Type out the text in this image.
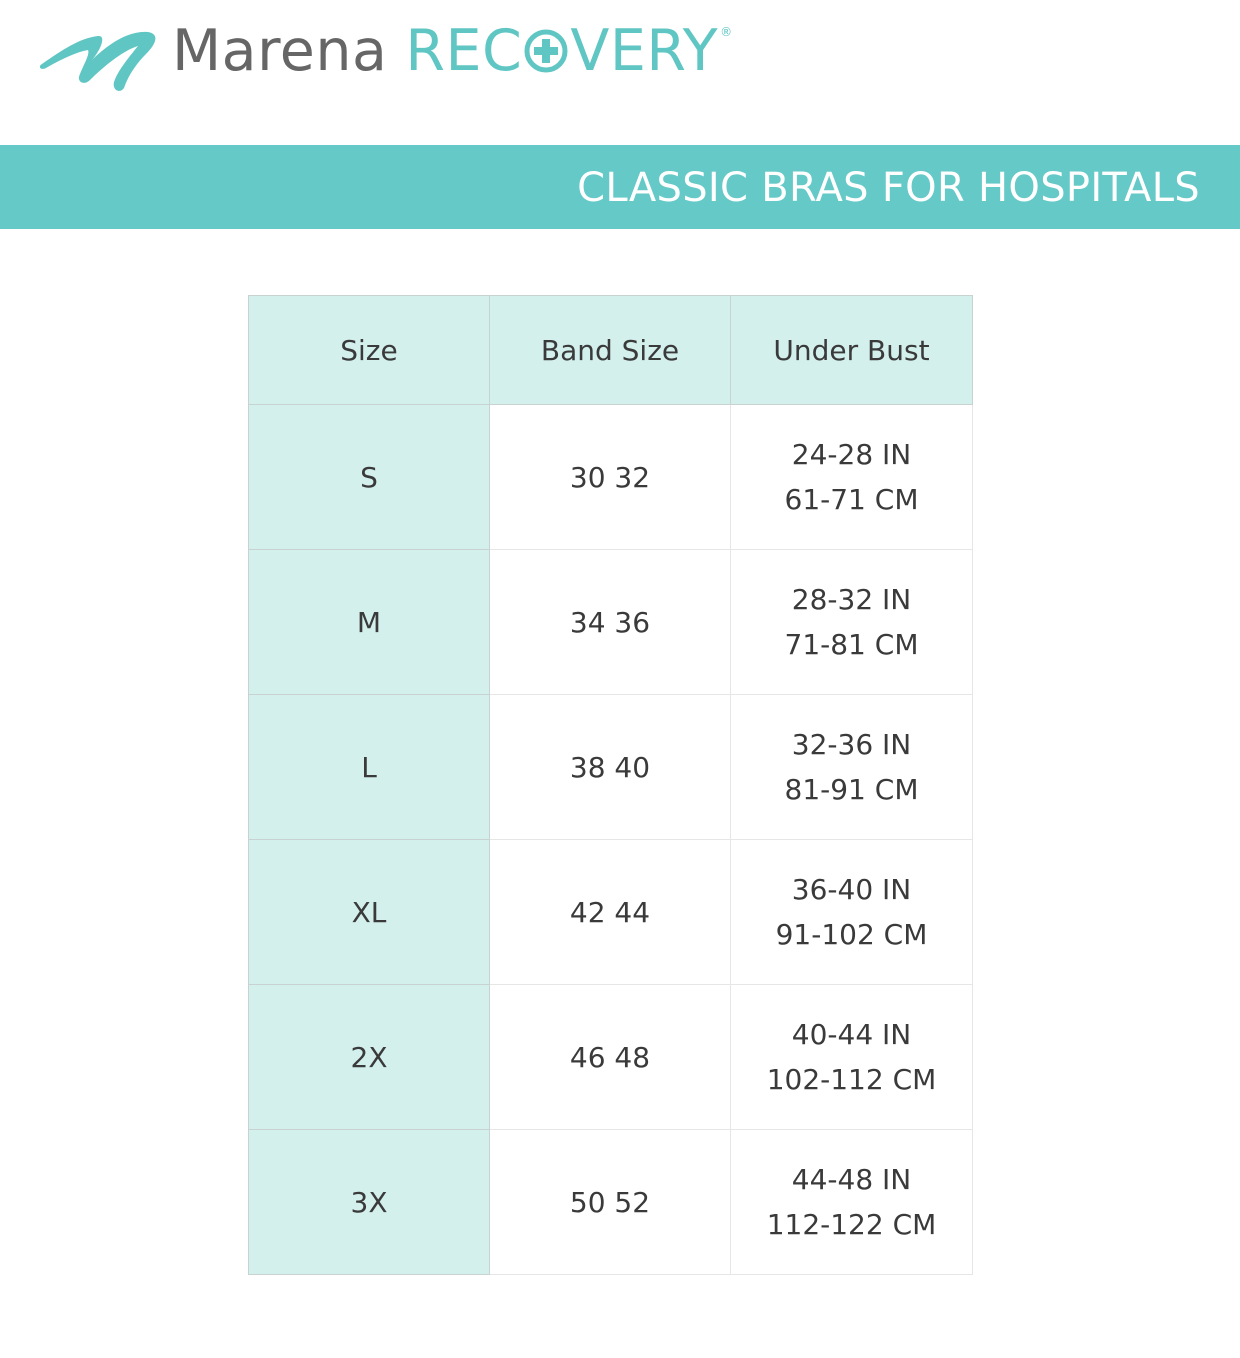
Marena REC VERY ®
CLASSIC BRAS FOR HOSPITALS
Size	Band Size	Under Bust
S	30 32	24-28 IN
61-71 CM

M	34 36	28-32 IN
71-81 CM

L	38 40	32-36 IN
81-91 CM

XL	42 44	36-40 IN
91-102 CM

2X	46 48	40-44 IN
102-112 CM

3X	50 52	44-48 IN
112-122 CM
